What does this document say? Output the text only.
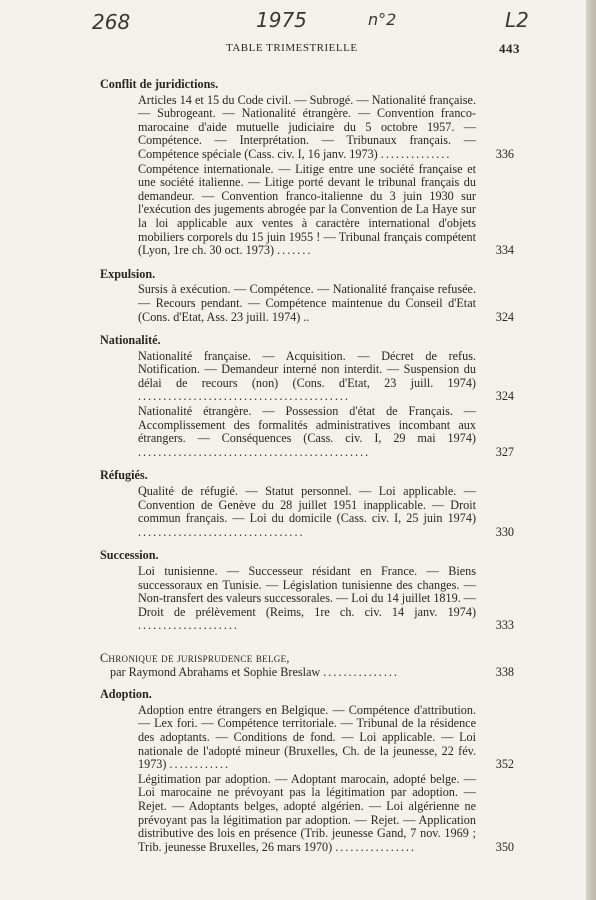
268	1975	n°2	L2
TABLE TRIMESTRIELLE	443
Conflit de juridictions.
Articles 14 et 15 du Code civil. — Subrogé. — Nationalité française. — Subrogeant. — Nationalité étrangère. — Convention franco-marocaine d'aide mutuelle judiciaire du 5 octobre 1957. — Compétence. — Interprétation. — Tribunaux français. — Compétence spéciale (Cass. civ. I, 16 janv. 1973) ..............	336
Compétence internationale. — Litige entre une société française et une société italienne. — Litige porté devant le tribunal français du demandeur. — Convention franco-italienne du 3 juin 1930 sur l'exécution des jugements abrogée par la Convention de La Haye sur la loi applicable aux ventes à caractère international d'objets mobiliers corporels du 15 juin 1955 ! — Tribunal français compétent (Lyon, 1re ch. 30 oct. 1973) .......	334
Expulsion.
Sursis à exécution. — Compétence. — Nationalité française refusée. — Recours pendant. — Compétence maintenue du Conseil d'Etat (Cons. d'Etat, Ass. 23 juill. 1974) ..	324
Nationalité.
Nationalité française. — Acquisition. — Décret de refus. Notification. — Demandeur interné non interdit. — Suspension du délai de recours (non) (Cons. d'Etat, 23 juill. 1974) ..........................................	324
Nationalité étrangère. — Possession d'état de Français. — Accomplissement des formalités administratives incombant aux étrangers. — Conséquences (Cass. civ. I, 29 mai 1974) ..............................................	327
Réfugiés.
Qualité de réfugié. — Statut personnel. — Loi applicable. — Convention de Genève du 28 juillet 1951 inapplicable. — Droit commun français. — Loi du domicile (Cass. civ. I, 25 juin 1974) .................................	330
Succession.
Loi tunisienne. — Successeur résidant en France. — Biens successoraux en Tunisie. — Législation tunisienne des changes. — Non-transfert des valeurs successorales. — Loi du 14 juillet 1819. — Droit de prélèvement (Reims, 1re ch. civ. 14 janv. 1974) ....................	333
Chronique de jurisprudence belge,
par Raymond Abrahams et Sophie Breslaw ...............	338
Adoption.
Adoption entre étrangers en Belgique. — Compétence d'attribution. — Lex fori. — Compétence territoriale. — Tribunal de la résidence des adoptants. — Conditions de fond. — Loi applicable. — Loi nationale de l'adopté mineur (Bruxelles, Ch. de la jeunesse, 22 fév. 1973) ............	352
Légitimation par adoption. — Adoptant marocain, adopté belge. — Loi marocaine ne prévoyant pas la légitimation par adoption. — Rejet. — Adoptants belges, adopté algérien. — Loi algérienne ne prévoyant pas la légitimation par adoption. — Rejet. — Application distributive des lois en présence (Trib. jeunesse Gand, 7 nov. 1969 ; Trib. jeunesse Bruxelles, 26 mars 1970) ................	350
